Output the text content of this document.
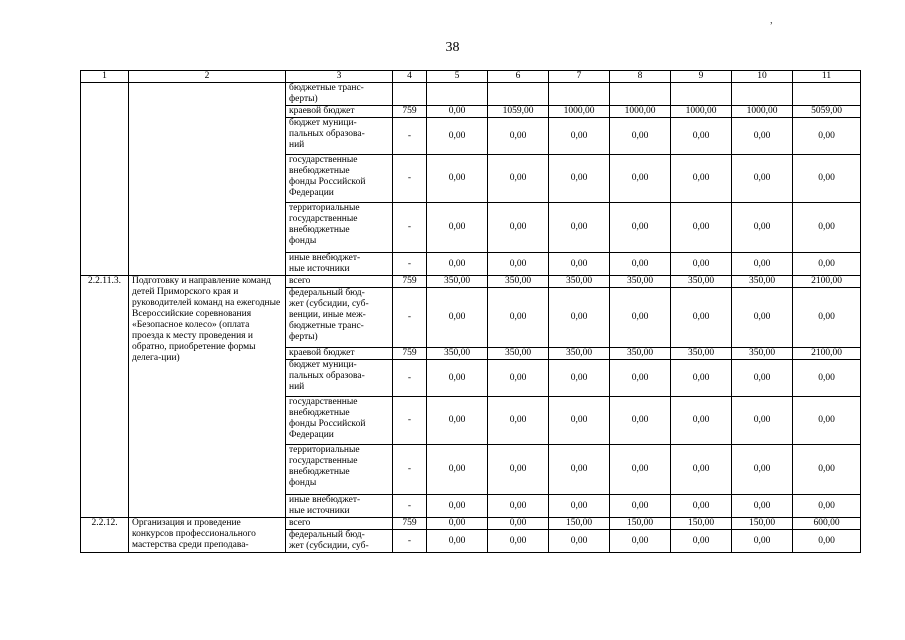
,
38
1	2	3	4	5	6	7	8	9	10	11
		бюджетные транс-
ферты)								
		краевой бюджет	759	0,00	1059,00	1000,00	1000,00	1000,00	1000,00	5059,00
		бюджет муници-
пальных образова-
ний	-	0,00	0,00	0,00	0,00	0,00	0,00	0,00
		государственные
внебюджетные
фонды Российской
Федерации	-	0,00	0,00	0,00	0,00	0,00	0,00	0,00
		территориальные
государственные
внебюджетные
фонды	-	0,00	0,00	0,00	0,00	0,00	0,00	0,00
		иные внебюджет-
ные источники	-	0,00	0,00	0,00	0,00	0,00	0,00	0,00
2.2.11.3.	Подготовку и направление команд детей Приморского края и руководителей команд на ежегодные Всероссийские соревнования «Безопасное колесо» (оплата проезда к месту проведения и обратно, приобретение формы делега-ции)	всего	759	350,00	350,00	350,00	350,00	350,00	350,00	2100,00
		федеральный бюд-
жет (субсидии, суб-
венции, иные меж-
бюджетные транс-
ферты)	-	0,00	0,00	0,00	0,00	0,00	0,00	0,00
		краевой бюджет	759	350,00	350,00	350,00	350,00	350,00	350,00	2100,00
		бюджет муници-
пальных образова-
ний	-	0,00	0,00	0,00	0,00	0,00	0,00	0,00
		государственные
внебюджетные
фонды Российской
Федерации	-	0,00	0,00	0,00	0,00	0,00	0,00	0,00
		территориальные
государственные
внебюджетные
фонды	-	0,00	0,00	0,00	0,00	0,00	0,00	0,00
		иные внебюджет-
ные источники	-	0,00	0,00	0,00	0,00	0,00	0,00	0,00
2.2.12.	Организация и проведение конкурсов профессионального мастерства среди преподава-	всего	759	0,00	0,00	150,00	150,00	150,00	150,00	600,00
		федеральный бюд-
жет (субсидии, суб-	-	0,00	0,00	0,00	0,00	0,00	0,00	0,00
